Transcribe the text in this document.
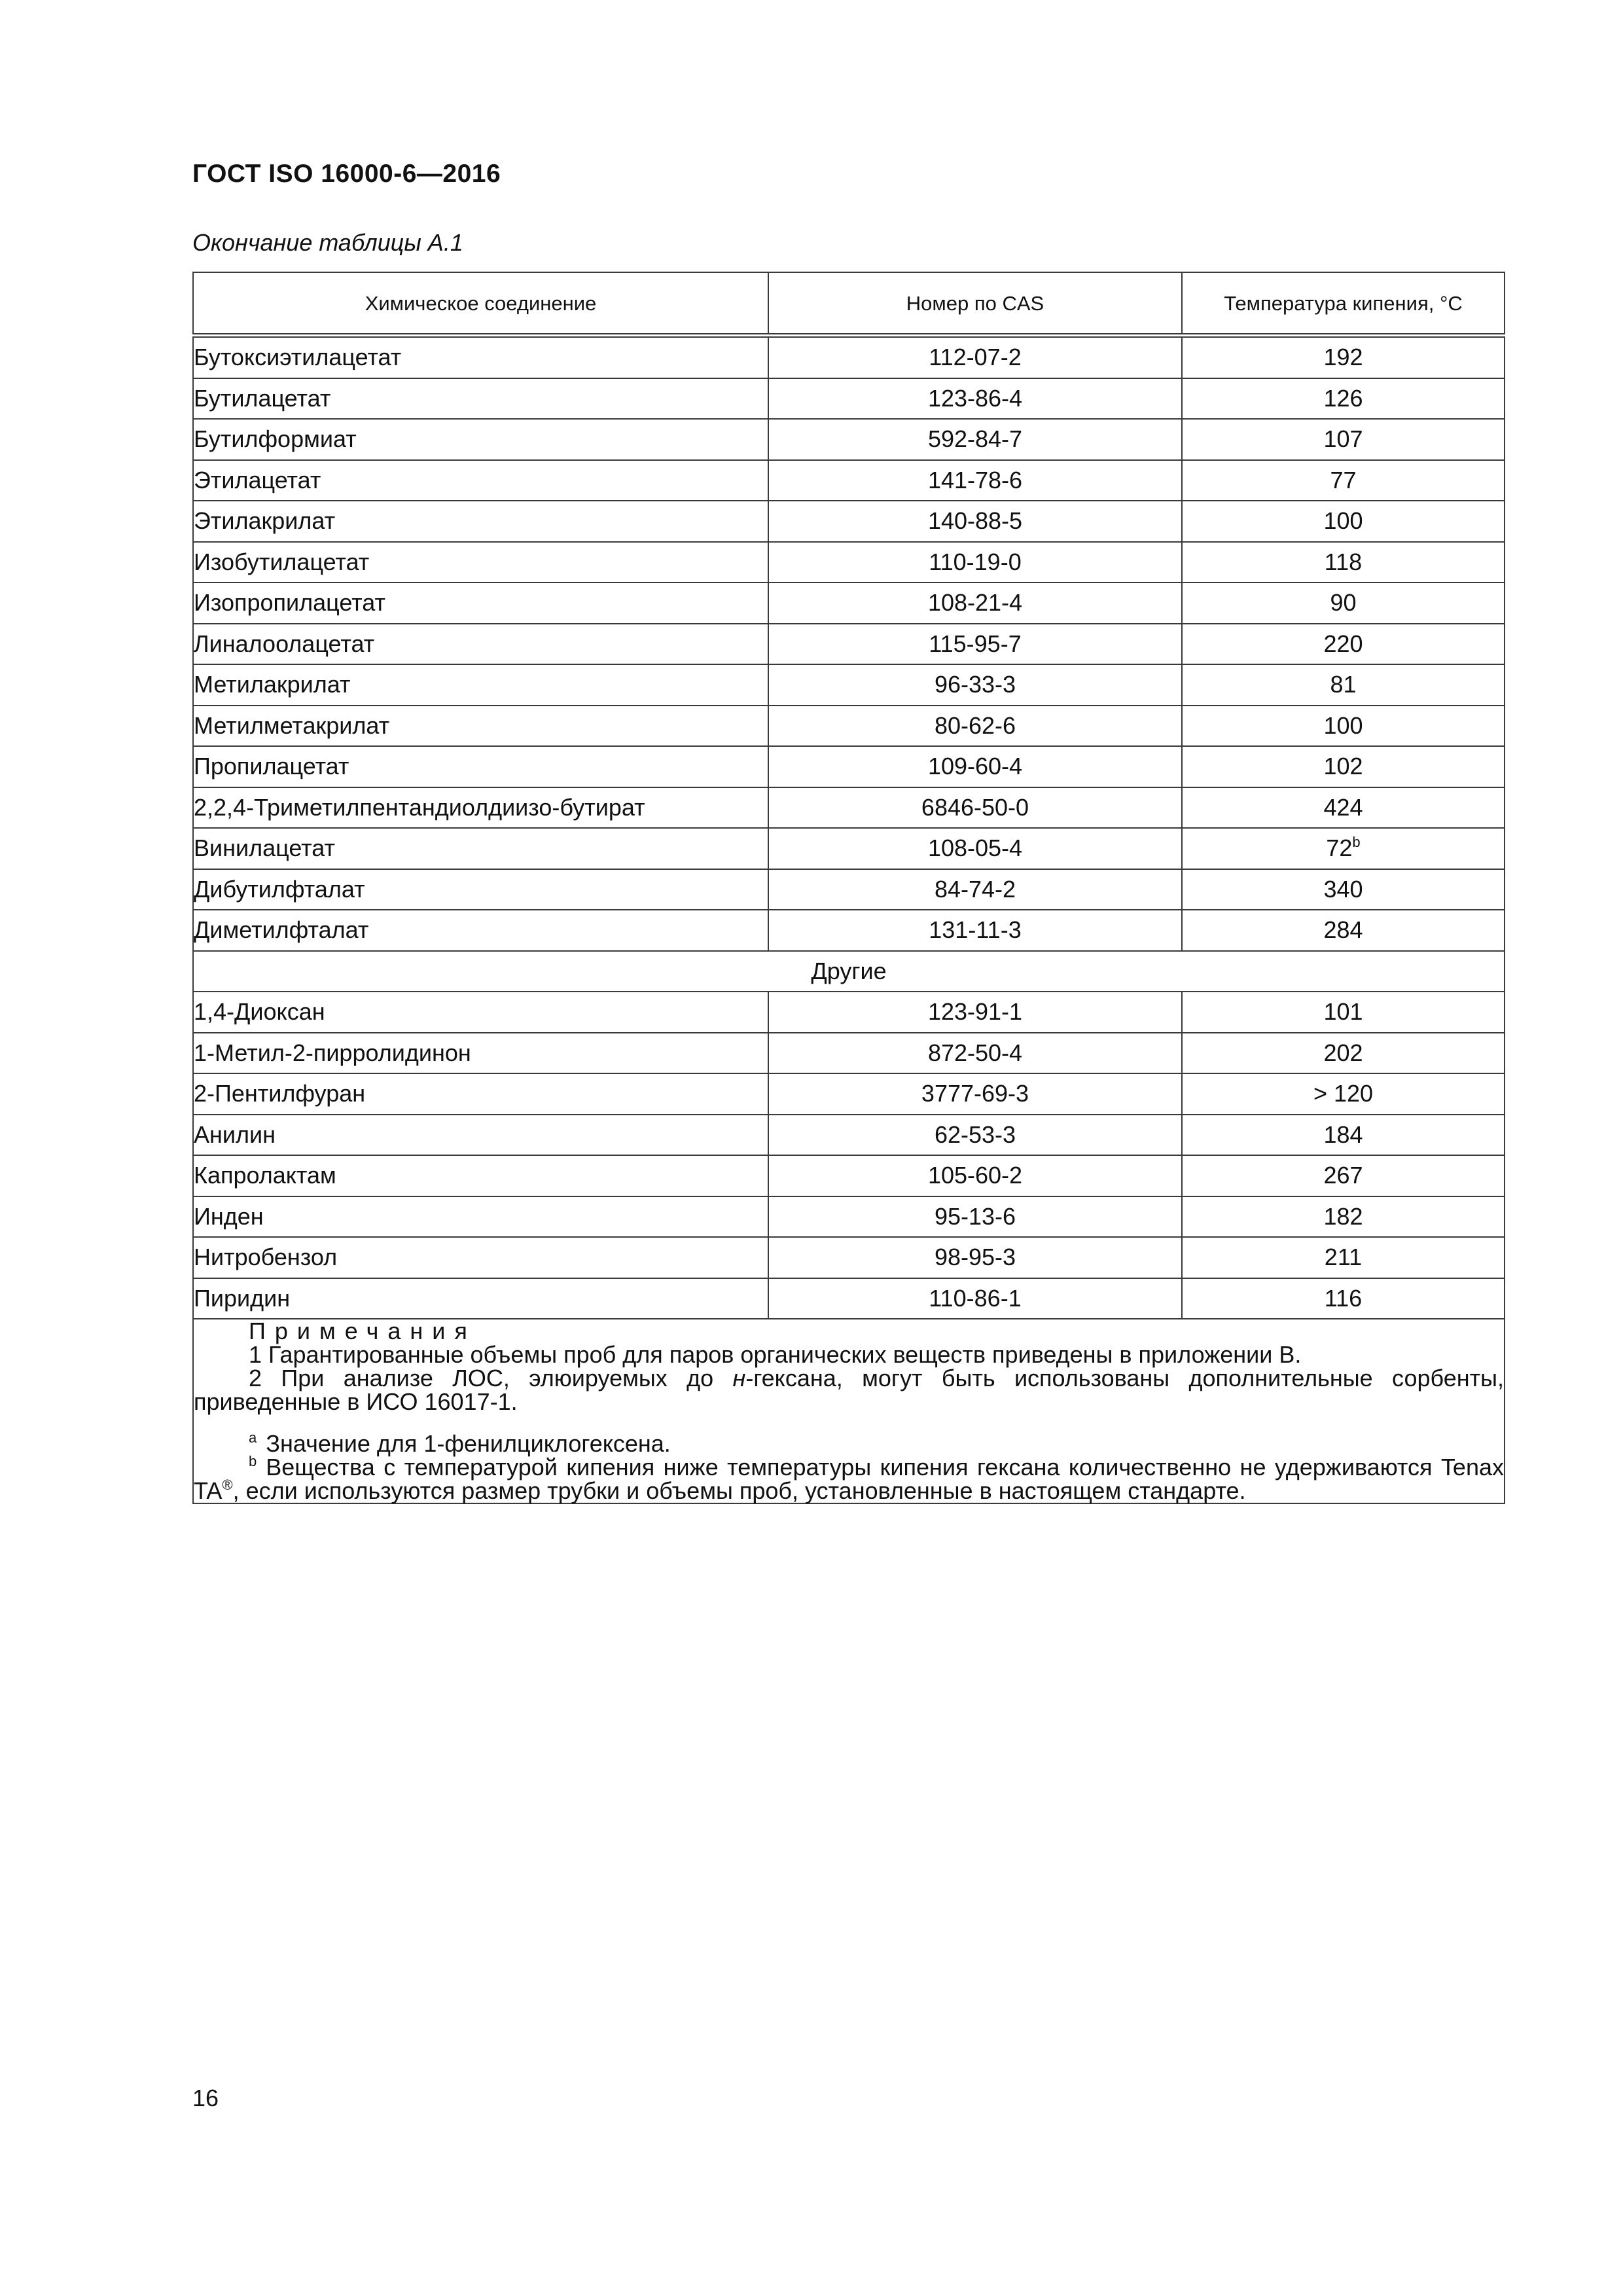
ГОСТ ISO 16000-6—2016
Окончание таблицы А.1
Химическое соединение	Номер по CAS	Температура кипения, °С
Бутоксиэтилацетат	112-07-2	192
Бутилацетат	123-86-4	126
Бутилформиат	592-84-7	107
Этилацетат	141-78-6	77
Этилакрилат	140-88-5	100
Изобутилацетат	110-19-0	118
Изопропилацетат	108-21-4	90
Линалоолацетат	115-95-7	220
Метилакрилат	96-33-3	81
Метилметакрилат	80-62-6	100
Пропилацетат	109-60-4	102
2,2,4-Триметилпентандиолдиизо-бутират	6846-50-0	424
Винилацетат	108-05-4	72$^b$
Дибутилфталат	84-74-2	340
Диметилфталат	131-11-3	284
Другие		
1,4-Диоксан	123-91-1	101
1-Метил-2-пирролидинон	872-50-4	202
2-Пентилфуран	3777-69-3	> 120
Анилин	62-53-3	184
Капролактам	105-60-2	267
Инден	95-13-6	182
Нитробензол	98-95-3	211
Пиридин	110-86-1	116

Примечания
1 Гарантированные объемы проб для паров органических веществ приведены в приложении В.
2 При анализе ЛОС, элюируемых до н-гексана, могут быть использованы дополнительные сорбенты, приведенные в ИСО 16017-1.
$^a$ Значение для 1-фенилциклогексена.
$^b$ Вещества с температурой кипения ниже температуры кипения гексана количественно не удерживаются Tenax TA®, если используются размер трубки и объемы проб, установленные в настоящем стандарте.		
16
